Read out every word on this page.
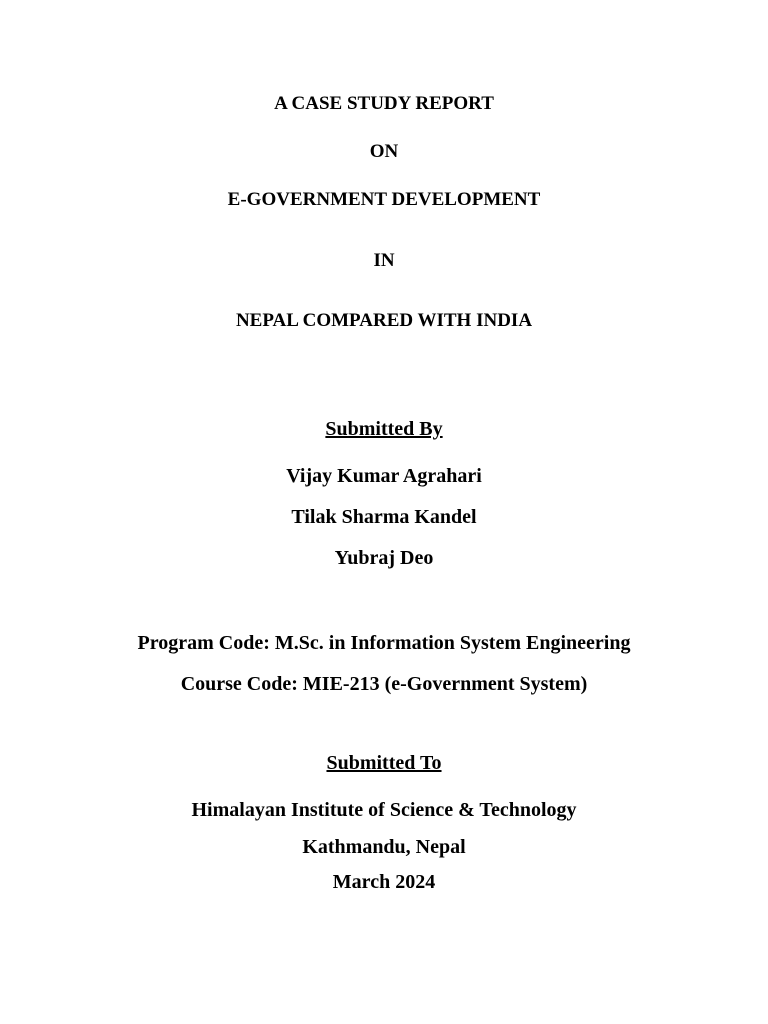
A CASE STUDY REPORT
ON
E-GOVERNMENT DEVELOPMENT
IN
NEPAL COMPARED WITH INDIA
Submitted By
Vijay Kumar Agrahari
Tilak Sharma Kandel
Yubraj Deo
Program Code: M.Sc. in Information System Engineering
Course Code: MIE-213 (e-Government System)
Submitted To
Himalayan Institute of Science & Technology
Kathmandu, Nepal
March 2024
